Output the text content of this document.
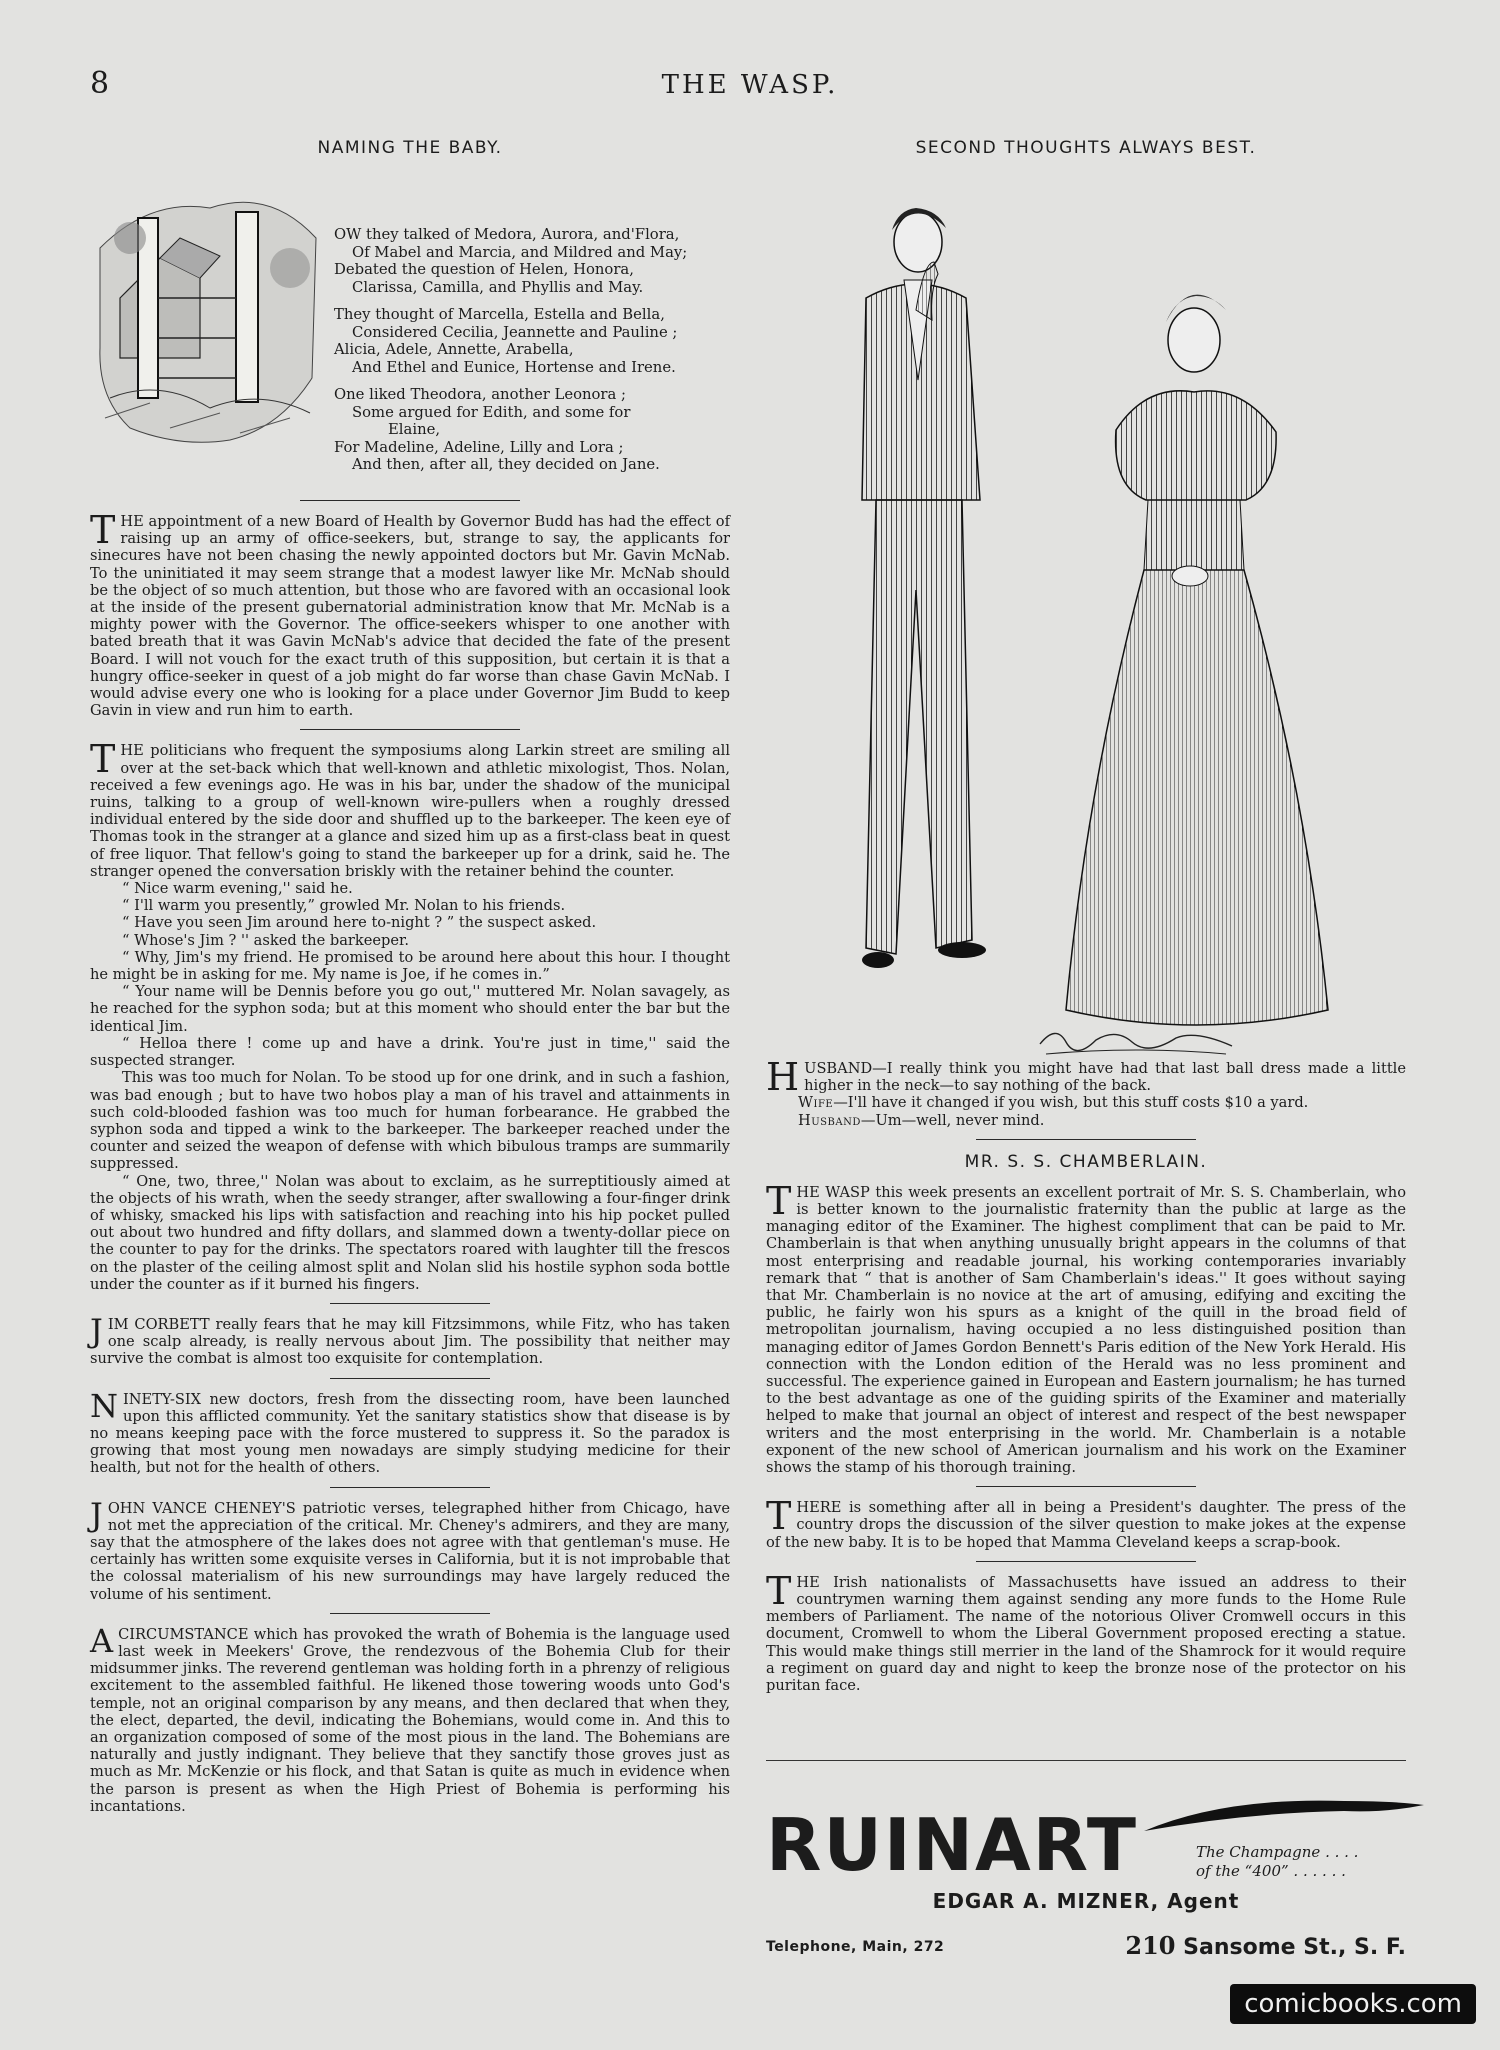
8	THE WASP.
NAMING THE BABY.
OW they talked of Medora, Aurora, and'Flora,
Of Mabel and Marcia, and Mildred and May;
Debated the question of Helen, Honora,
Clarissa, Camilla, and Phyllis and May.
They thought of Marcella, Estella and Bella,
Considered Cecilia, Jeannette and Pauline ;
Alicia, Adele, Annette, Arabella,
And Ethel and Eunice, Hortense and Irene.
One liked Theodora, another Leonora ;
Some argued for Edith, and some for
Elaine,
For Madeline, Adeline, Lilly and Lora ;
And then, after all, they decided on Jane.

THE appointment of a new Board of Health by Governor Budd has had the effect of raising up an army of office-seekers, but, strange to say, the applicants for sinecures have not been chasing the newly appointed doctors but Mr. Gavin McNab. To the uninitiated it may seem strange that a modest lawyer like Mr. McNab should be the object of so much attention, but those who are favored with an occasional look at the inside of the present gubernatorial administration know that Mr. McNab is a mighty power with the Governor. The office-seekers whisper to one another with bated breath that it was Gavin McNab's advice that decided the fate of the present Board. I will not vouch for the exact truth of this supposition, but certain it is that a hungry office-seeker in quest of a job might do far worse than chase Gavin McNab. I would advise every one who is looking for a place under Governor Jim Budd to keep Gavin in view and run him to earth.

THE politicians who frequent the symposiums along Larkin street are smiling all over at the set-back which that well-known and athletic mixologist, Thos. Nolan, received a few evenings ago. He was in his bar, under the shadow of the municipal ruins, talking to a group of well-known wire-pullers when a roughly dressed individual entered by the side door and shuffled up to the barkeeper. The keen eye of Thomas took in the stranger at a glance and sized him up as a first-class beat in quest of free liquor. That fellow's going to stand the barkeeper up for a drink, said he. The stranger opened the conversation briskly with the retainer behind the counter.

“ Nice warm evening,'' said he.

“ I'll warm you presently,” growled Mr. Nolan to his friends.

“ Have you seen Jim around here to-night ? ” the suspect asked.

“ Whose's Jim ? '' asked the barkeeper.

“ Why, Jim's my friend. He promised to be around here about this hour. I thought he might be in asking for me. My name is Joe, if he comes in.”

“ Your name will be Dennis before you go out,'' muttered Mr. Nolan savagely, as he reached for the syphon soda; but at this moment who should enter the bar but the identical Jim.

“ Helloa there ! come up and have a drink. You're just in time,'' said the suspected stranger.

This was too much for Nolan. To be stood up for one drink, and in such a fashion, was bad enough ; but to have two hobos play a man of his travel and attainments in such cold-blooded fashion was too much for human forbearance. He grabbed the syphon soda and tipped a wink to the barkeeper. The barkeeper reached under the counter and seized the weapon of defense with which bibulous tramps are summarily suppressed.

“ One, two, three,'' Nolan was about to exclaim, as he surreptitiously aimed at the objects of his wrath, when the seedy stranger, after swallowing a four-finger drink of whisky, smacked his lips with satisfaction and reaching into his hip pocket pulled out about two hundred and fifty dollars, and slammed down a twenty-dollar piece on the counter to pay for the drinks. The spectators roared with laughter till the frescos on the plaster of the ceiling almost split and Nolan slid his hostile syphon soda bottle under the counter as if it burned his fingers.

JIM CORBETT really fears that he may kill Fitzsimmons, while Fitz, who has taken one scalp already, is really nervous about Jim. The possibility that neither may survive the combat is almost too exquisite for contemplation.

NINETY-SIX new doctors, fresh from the dissecting room, have been launched upon this afflicted community. Yet the sanitary statistics show that disease is by no means keeping pace with the force mustered to suppress it. So the paradox is growing that most young men nowadays are simply studying medicine for their health, but not for the health of others.

JOHN VANCE CHENEY'S patriotic verses, telegraphed hither from Chicago, have not met the appreciation of the critical. Mr. Cheney's admirers, and they are many, say that the atmosphere of the lakes does not agree with that gentleman's muse. He certainly has written some exquisite verses in California, but it is not improbable that the colossal materialism of his new surroundings may have largely reduced the volume of his sentiment.

A CIRCUMSTANCE which has provoked the wrath of Bohemia is the language used last week in Meekers' Grove, the rendezvous of the Bohemia Club for their midsummer jinks. The reverend gentleman was holding forth in a phrenzy of religious excitement to the assembled faithful. He likened those towering woods unto God's temple, not an original comparison by any means, and then declared that when they, the elect, departed, the devil, indicating the Bohemians, would come in. And this to an organization composed of some of the most pious in the land. The Bohemians are naturally and justly indignant. They believe that they sanctify those groves just as much as Mr. McKenzie or his flock, and that Satan is quite as much in evidence when the parson is present as when the High Priest of Bohemia is performing his incantations.

SECOND THOUGHTS ALWAYS BEST.

HUSBAND—I really think you might have had that last ball dress made a little higher in the neck—to say nothing of the back.

Wife—I'll have it changed if you wish, but this stuff costs $10 a yard.

Husband—Um—well, never mind.

MR. S. S. CHAMBERLAIN.

THE WASP this week presents an excellent portrait of Mr. S. S. Chamberlain, who is better known to the journalistic fraternity than the public at large as the managing editor of the Examiner. The highest compliment that can be paid to Mr. Chamberlain is that when anything unusually bright appears in the columns of that most enterprising and readable journal, his working contemporaries invariably remark that “ that is another of Sam Chamberlain's ideas.'' It goes without saying that Mr. Chamberlain is no novice at the art of amusing, edifying and exciting the public, he fairly won his spurs as a knight of the quill in the broad field of metropolitan journalism, having occupied a no less distinguished position than managing editor of James Gordon Bennett's Paris edition of the New York Herald. His connection with the London edition of the Herald was no less prominent and successful. The experience gained in European and Eastern journalism; he has turned to the best advantage as one of the guiding spirits of the Examiner and materially helped to make that journal an object of interest and respect of the best newspaper writers and the most enterprising in the world. Mr. Chamberlain is a notable exponent of the new school of American journalism and his work on the Examiner shows the stamp of his thorough training.

THERE is something after all in being a President's daughter. The press of the country drops the discussion of the silver question to make jokes at the expense of the new baby. It is to be hoped that Mamma Cleveland keeps a scrap-book.

THE Irish nationalists of Massachusetts have issued an address to their countrymen warning them against sending any more funds to the Home Rule members of Parliament. The name of the notorious Oliver Cromwell occurs in this document, Cromwell to whom the Liberal Government proposed erecting a statue. This would make things still merrier in the land of the Shamrock for it would require a regiment on guard day and night to keep the bronze nose of the protector on his puritan face.

RUINART	The Champagne . . . .
of the “400” . . . . . .
EDGAR A. MIZNER, Agent
Telephone, Main, 272	210 Sansome St., S. F.
comicbooks.com
